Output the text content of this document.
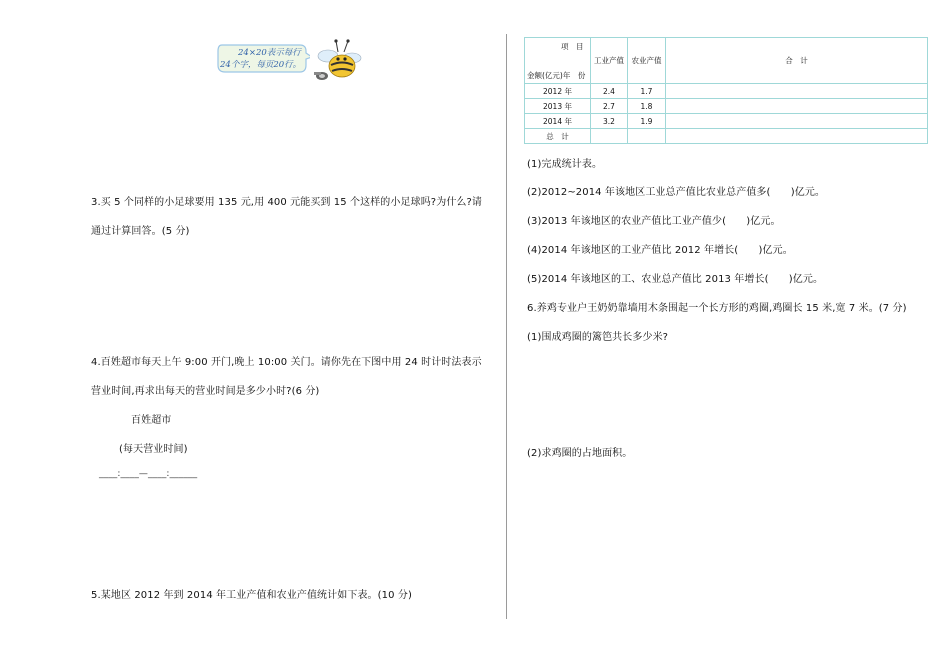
24×20表示每行
24个字，每页20行。
3.买 5 个同样的小足球要用 135 元,用 400 元能买到 15 个这样的小足球吗?为什么?请
通过计算回答。(5 分)
4.百姓超市每天上午 9:00 开门,晚上 10:00 关门。请你先在下图中用 24 时计时法表示
营业时间,再求出每天的营业时间是多少小时?(6 分)
百姓超市
(每天营业时间)
____:____—____:______
5.某地区 2012 年到 2014 年工业产值和农业产值统计如下表。(10 分)
项　目
金额(亿元)年　份	工业产值	农业产值	合　计
2012 年	2.4	1.7	
2013 年	2.7	1.8	
2014 年	3.2	1.9	
总　计			
(1)完成统计表。
(2)2012~2014 年该地区工业总产值比农业总产值多(　　)亿元。
(3)2013 年该地区的农业产值比工业产值少(　　)亿元。
(4)2014 年该地区的工业产值比 2012 年增长(　　)亿元。
(5)2014 年该地区的工、农业总产值比 2013 年增长(　　)亿元。
6.养鸡专业户王奶奶靠墙用木条围起一个长方形的鸡圈,鸡圈长 15 米,宽 7 米。(7 分)
(1)围成鸡圈的篱笆共长多少米?
(2)求鸡圈的占地面积。
